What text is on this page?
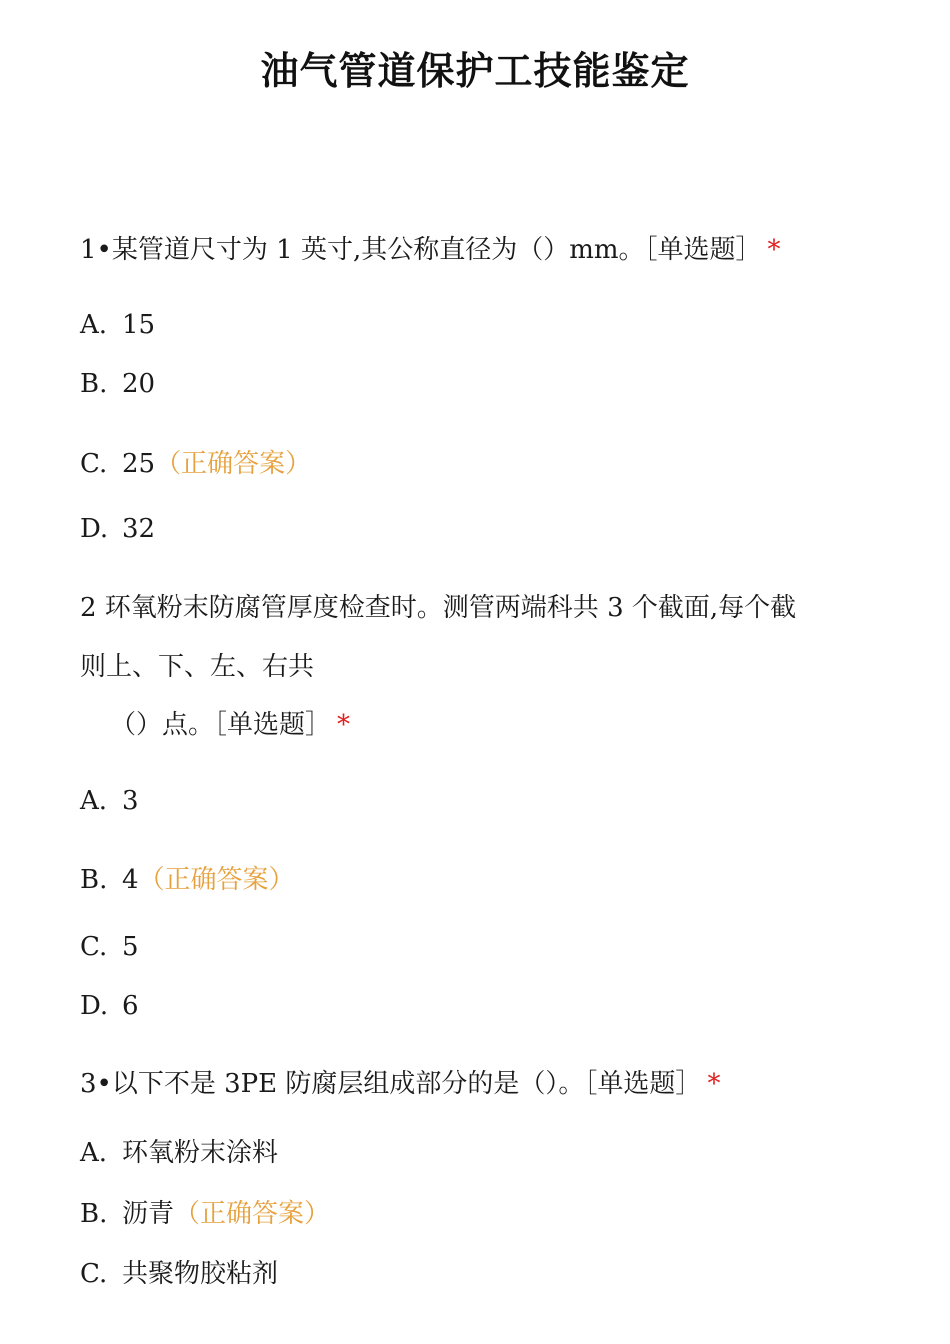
油气管道保护工技能鉴定
1•某管道尺寸为 1 英寸,其公称直径为（）mm。［单选题］ *
A. 15
B. 20
C. 25（正确答案）
D. 32
2 环氧粉末防腐管厚度检查时。测管两端科共 3 个截面,每个截
则上、下、左、右共
（）点。［单选题］ *
A. 3
B. 4（正确答案）
C. 5
D. 6
3•以下不是 3PE 防腐层组成部分的是（）。［单选题］ *
A. 环氧粉末涂料
B. 沥青（正确答案）
C. 共聚物胶粘剂
